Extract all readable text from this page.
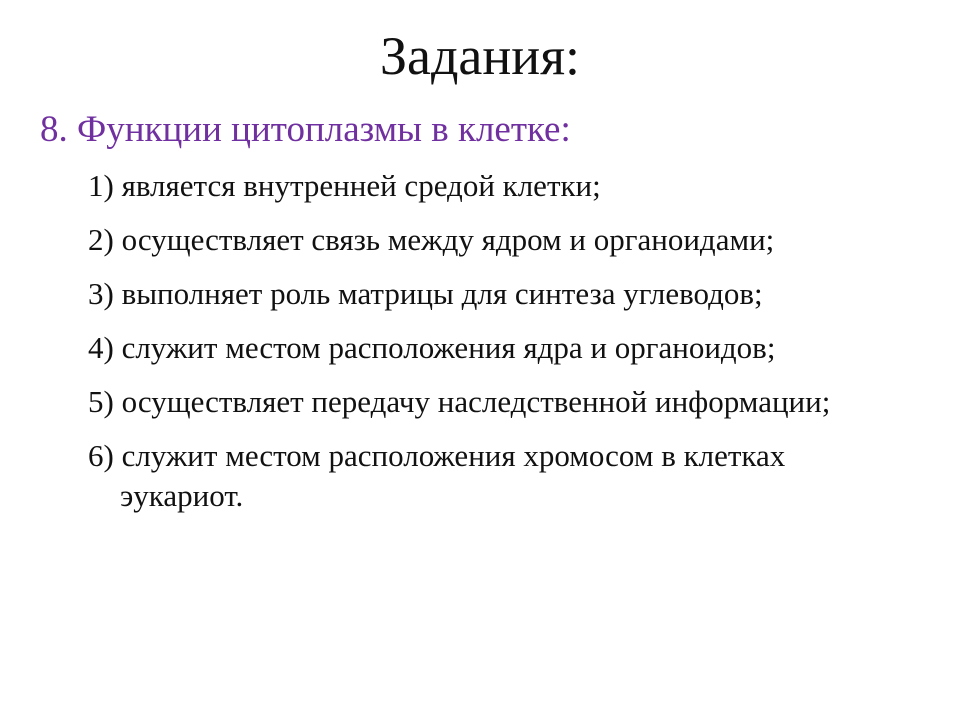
Задания:

8. Функции цитоплазмы в клетке:

1) является внутренней средой клетки;
2) осуществляет связь между ядром и органоидами;
3) выполняет роль матрицы для синтеза углеводов;
4) служит местом расположения ядра и органоидов;
5) осуществляет передачу наследственной информации;
6) служит местом расположения хромосом в клетках эукариот.
